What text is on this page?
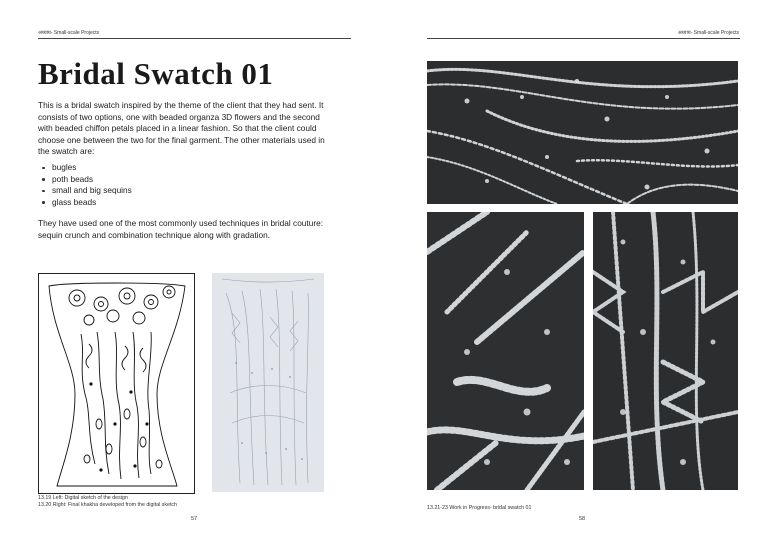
अध्याय- Small-scale Projects
Bridal Swatch 01

This is a bridal swatch inspired by the theme of the client that they had sent. It consists of two options, one with beaded organza 3D flowers and the second with beaded chiffon petals placed in a linear fashion. So that the client could choose one between the two for the final garment. The other materials used in the swatch are:

bugles
poth beads
small and big sequins
glass beads

They have used one of the most commonly used techniques in bridal couture: sequin crunch and combination technique along with gradation.

13.19 Left: Digital sketch of the design
13.20 Right: Final khakha developed from the digital sketch
57
अध्याय- Small-scale Projects
13.21-23 Work in Progress- bridal swatch 01
58
